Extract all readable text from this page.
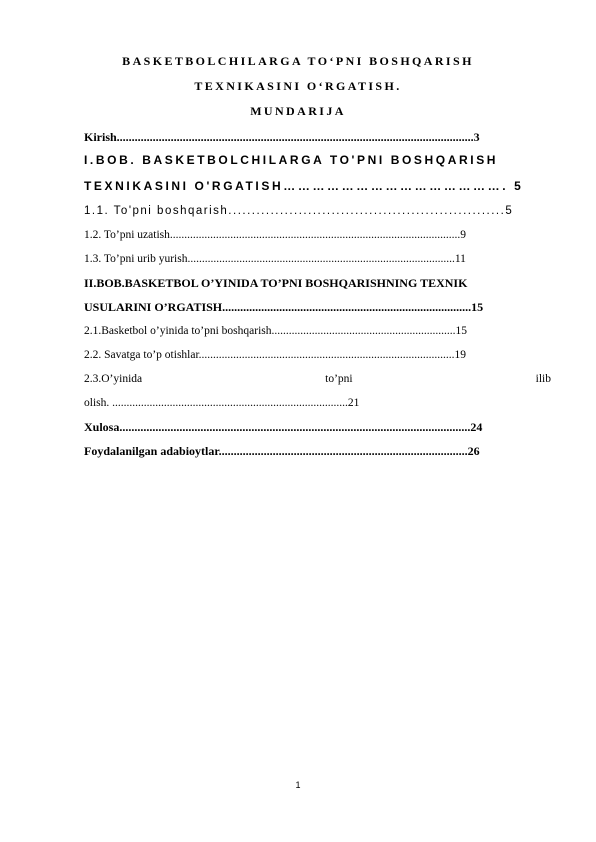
BASKETBOLCHILARGA TO‘PNI BOSHQARISH
TEXNIKASINI O‘RGATISH.
MUNDARIJA
Kirish.......................................................................................................................3
I.BOB. BASKETBOLCHILARGA TO'PNI BOSHQARISH
TEXNIKASINI O'RGATISH………………………………………. 5
1.1. To'pni boshqarish...........................................................5
1.2. To’pni uzatish.....................................................................................................9
1.3. To’pni urib yurish.............................................................................................11
II.BOB.BASKETBOL O’YINIDA TO’PNI BOSHQARISHNING TEXNIK
USULARINI O’RGATISH...................................................................................15
2.1.Basketbol o’yinida to’pni boshqarish................................................................15
2.2. Savatga to’p otishlar.........................................................................................19
2.3.O’yinida	to’pni	ilib
olish. ..................................................................................21
Xulosa.....................................................................................................................24
Foydalanilgan adabioytlar...................................................................................26
1
